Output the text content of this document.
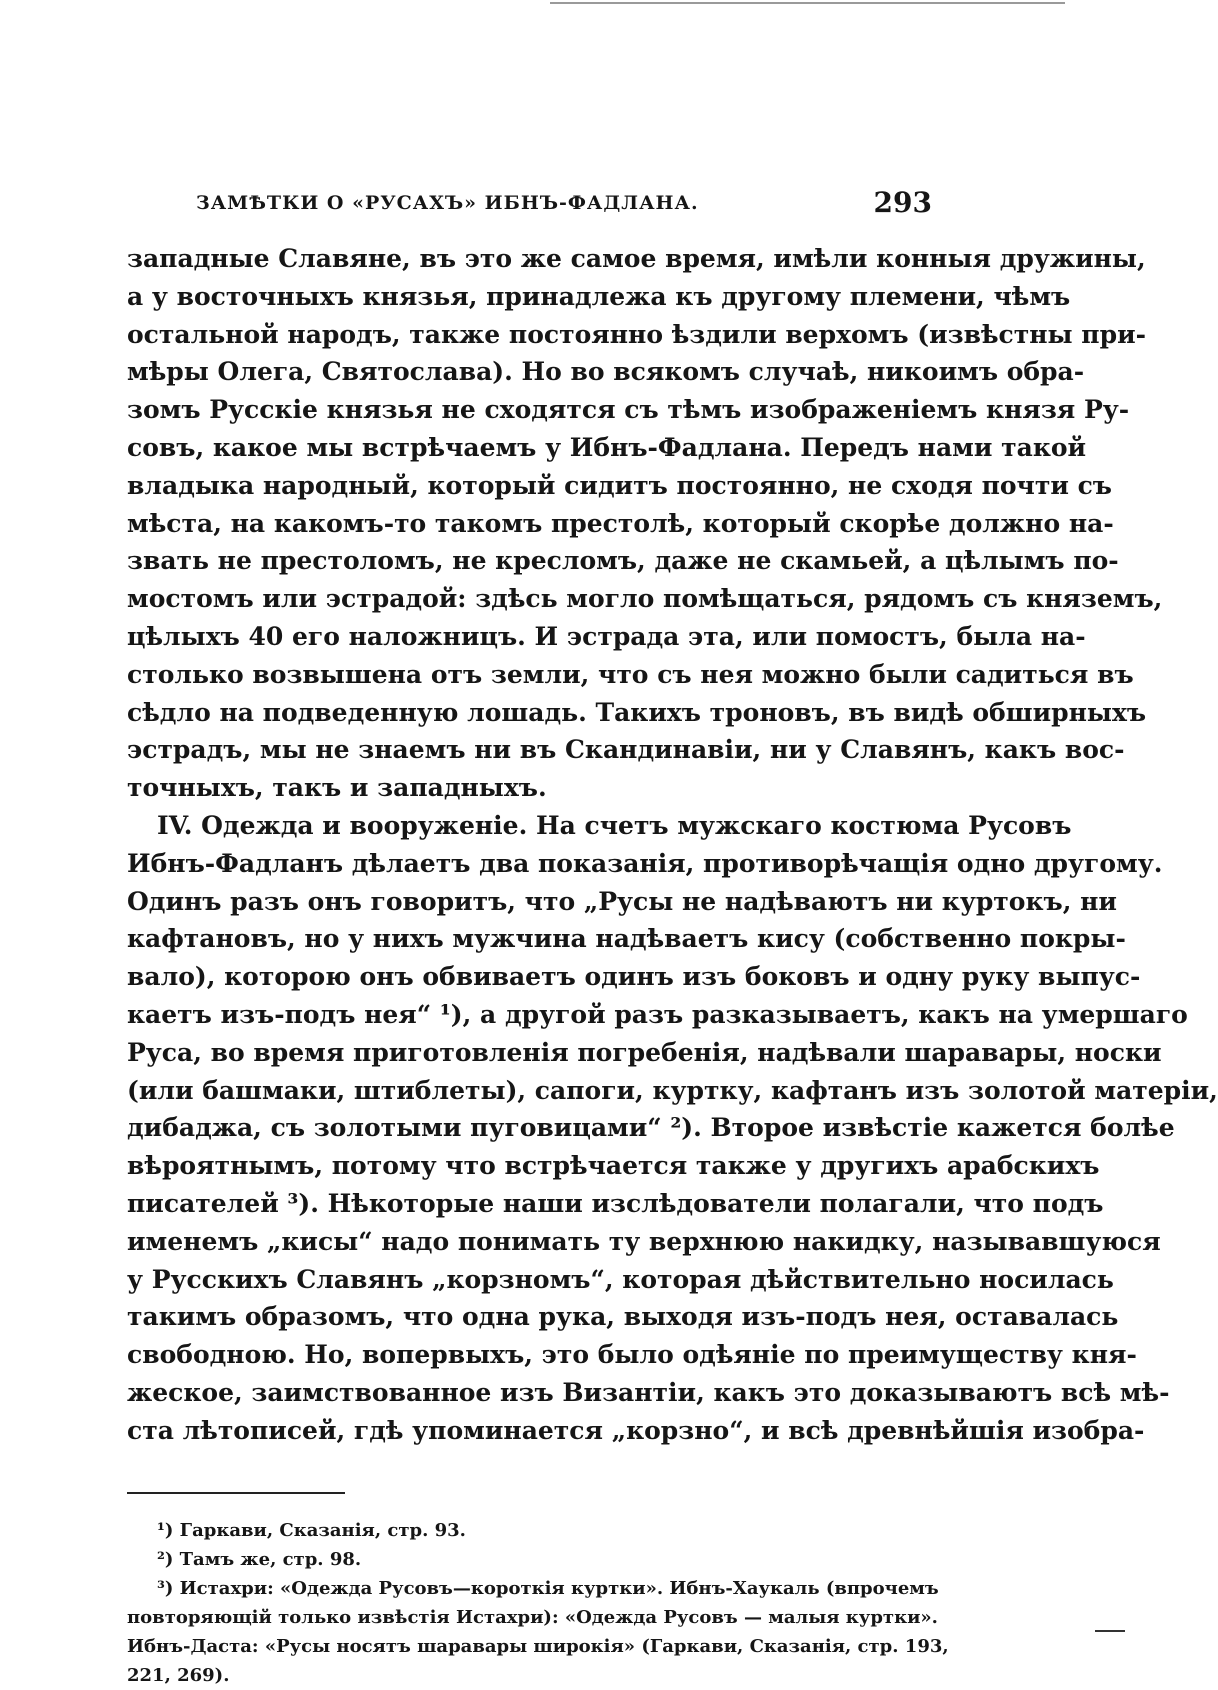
ЗАМѢТКИ О «РУСАХЪ» ИБНЪ-ФАДЛАНА.	293
западные Славяне, въ это же самое время, имѣли конныя дружины,
а у восточныхъ князья, принадлежа къ другому племени, чѣмъ
остальной народъ, также постоянно ѣздили верхомъ (извѣстны при-
мѣры Олега, Святослава). Но во всякомъ случаѣ, никоимъ обра-
зомъ Русскіе князья не сходятся съ тѣмъ изображеніемъ князя Ру-
совъ, какое мы встрѣчаемъ у Ибнъ-Фадлана. Передъ нами такой
владыка народный, который сидитъ постоянно, не сходя почти съ
мѣста, на какомъ-то такомъ престолѣ, который скорѣе должно на-
звать не престоломъ, не кресломъ, даже не скамьей, а цѣлымъ по-
мостомъ или эстрадой: здѣсь могло помѣщаться, рядомъ съ княземъ,
цѣлыхъ 40 его наложницъ. И эстрада эта, или помостъ, была на-
столько возвышена отъ земли, что съ нея можно были садиться въ
сѣдло на подведенную лошадь. Такихъ троновъ, въ видѣ обширныхъ
эстрадъ, мы не знаемъ ни въ Скандинавіи, ни у Славянъ, какъ вос-
точныхъ, такъ и западныхъ.
IV. Одежда и вооруженіе. На счетъ мужскаго костюма Русовъ
Ибнъ-Фадланъ дѣлаетъ два показанія, противорѣчащія одно другому.
Одинъ разъ онъ говоритъ, что „Русы не надѣваютъ ни куртокъ, ни
кафтановъ, но у нихъ мужчина надѣваетъ кису (собственно покры-
вало), которою онъ обвиваетъ одинъ изъ боковъ и одну руку выпус-
каетъ изъ-подъ нея“ ¹), а другой разъ разказываетъ, какъ на умершаго
Руса, во время приготовленія погребенія, надѣвали шаравары, носки
(или башмаки, штиблеты), сапоги, куртку, кафтанъ изъ золотой матеріи,
дибаджа, съ золотыми пуговицами“ ²). Второе извѣстіе кажется болѣе
вѣроятнымъ, потому что встрѣчается также у другихъ арабскихъ
писателей ³). Нѣкоторые наши изслѣдователи полагали, что подъ
именемъ „кисы“ надо понимать ту верхнюю накидку, называвшуюся
у Русскихъ Славянъ „корзномъ“, которая дѣйствительно носилась
такимъ образомъ, что одна рука, выходя изъ-подъ нея, оставалась
свободною. Но, вопервыхъ, это было одѣяніе по преимуществу кня-
жеское, заимствованное изъ Византіи, какъ это доказываютъ всѣ мѣ-
ста лѣтописей, гдѣ упоминается „корзно“, и всѣ древнѣйшія изобра-
¹) Гаркави, Сказанія, стр. 93.
²) Тамъ же, стр. 98.
³) Истахри: «Одежда Русовъ—короткія куртки». Ибнъ-Хаукаль (впрочемъ
повторяющій только извѣстія Истахри): «Одежда Русовъ — малыя куртки».
Ибнъ-Даста: «Русы носятъ шаравары широкія» (Гаркави, Сказанія, стр. 193,
221, 269).
